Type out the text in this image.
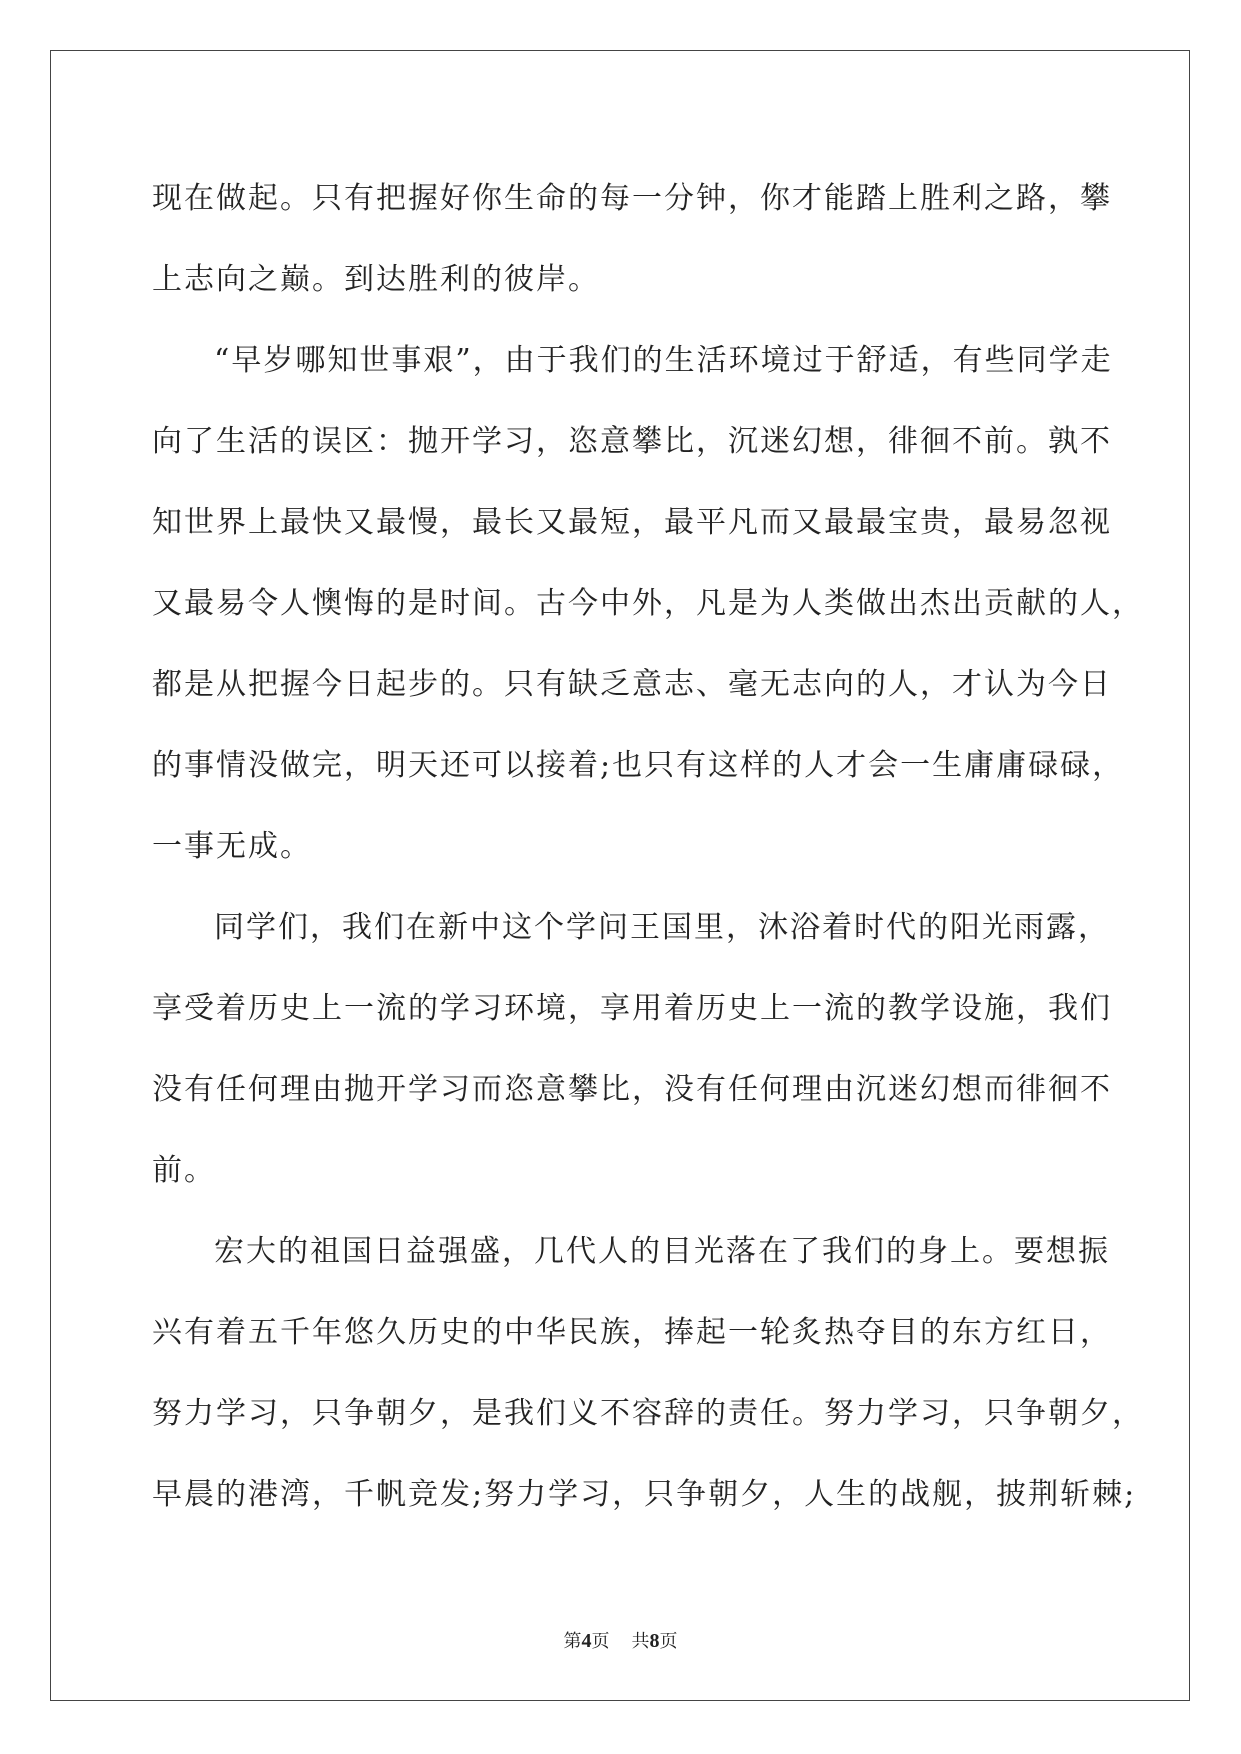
现在做起。只有把握好你生命的每一分钟，你才能踏上胜利之路，攀
上志向之巅。到达胜利的彼岸。
“早岁哪知世事艰”，由于我们的生活环境过于舒适，有些同学走
向了生活的误区：抛开学习，恣意攀比，沉迷幻想，徘徊不前。孰不
知世界上最快又最慢，最长又最短，最平凡而又最最宝贵，最易忽视
又最易令人懊悔的是时间。古今中外，凡是为人类做出杰出贡献的人，
都是从把握今日起步的。只有缺乏意志、毫无志向的人，才认为今日
的事情没做完，明天还可以接着;也只有这样的人才会一生庸庸碌碌，
一事无成。
同学们，我们在新中这个学问王国里，沐浴着时代的阳光雨露，
享受着历史上一流的学习环境，享用着历史上一流的教学设施，我们
没有任何理由抛开学习而恣意攀比，没有任何理由沉迷幻想而徘徊不
前。
宏大的祖国日益强盛，几代人的目光落在了我们的身上。要想振
兴有着五千年悠久历史的中华民族，捧起一轮炙热夺目的东方红日，
努力学习，只争朝夕，是我们义不容辞的责任。努力学习，只争朝夕，
早晨的港湾，千帆竞发;努力学习，只争朝夕，人生的战舰，披荆斩棘;
第4页 共8页
